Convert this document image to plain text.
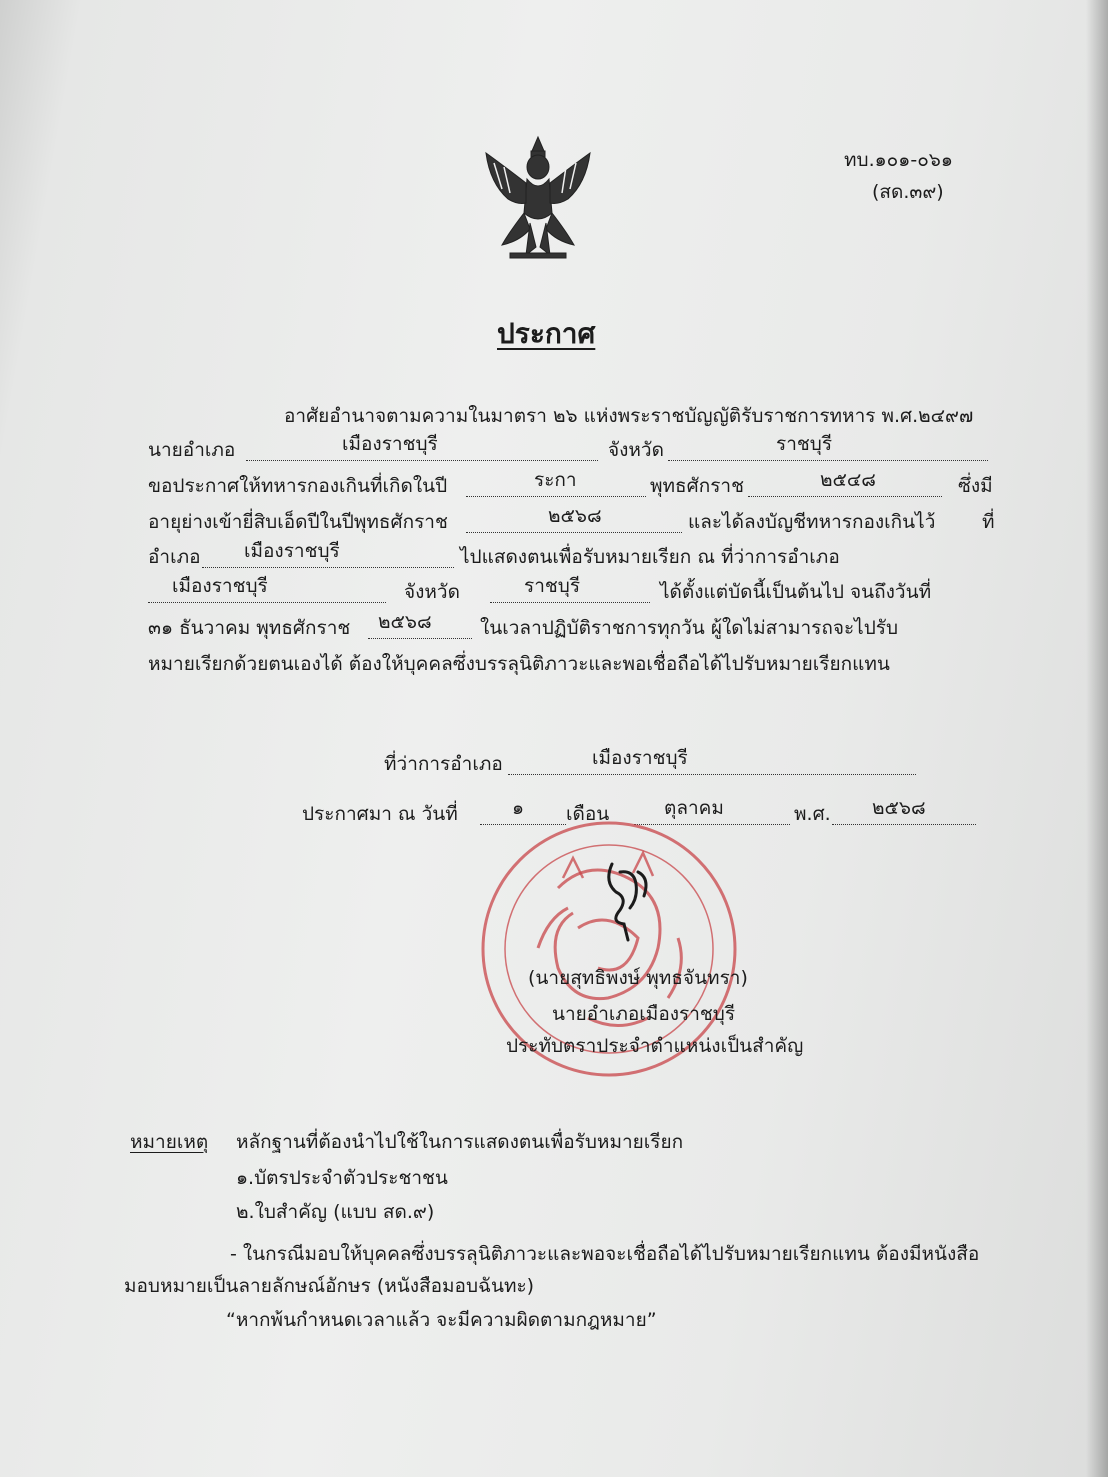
ทบ.๑๐๑-๐๖๑
(สด.๓๙)
ประกาศ
อาศัยอำนาจตามความในมาตรา ๒๖ แห่งพระราชบัญญัติรับราชการทหาร พ.ศ.๒๔๙๗
นายอำเภอ	เมืองราชบุรี	จังหวัด	ราชบุรี
ขอประกาศให้ทหารกองเกินที่เกิดในปี	ระกา	พุทธศักราช	๒๕๔๘	ซึ่งมี
อายุย่างเข้ายี่สิบเอ็ดปีในปีพุทธศักราช	๒๕๖๘	และได้ลงบัญชีทหารกองเกินไว้ ที่
อำเภอ เมืองราชบุรี	ไปแสดงตนเพื่อรับหมายเรียก ณ ที่ว่าการอำเภอ
เมืองราชบุรี	จังหวัด	ราชบุรี	ได้ตั้งแต่บัดนี้เป็นต้นไป จนถึงวันที่
๓๑ ธันวาคม พุทธศักราช ๒๕๖๘	ในเวลาปฏิบัติราชการทุกวัน ผู้ใดไม่สามารถจะไปรับ
หมายเรียกด้วยตนเองได้ ต้องให้บุคคลซึ่งบรรลุนิติภาวะและพอเชื่อถือได้ไปรับหมายเรียกแทน
ที่ว่าการอำเภอ	เมืองราชบุรี
ประกาศมา ณ วันที่	๑ เดือน	ตุลาคม	พ.ศ. ๒๕๖๘
(นายสุทธิพงษ์ พุทธจันทรา)
นายอำเภอเมืองราชบุรี
ประทับตราประจำตำแหน่งเป็นสำคัญ
หมายเหตุ หลักฐานที่ต้องนำไปใช้ในการแสดงตนเพื่อรับหมายเรียก
๑.บัตรประจำตัวประชาชน
๒.ใบสำคัญ (แบบ สด.๙)
- ในกรณีมอบให้บุคคลซึ่งบรรลุนิติภาวะและพอจะเชื่อถือได้ไปรับหมายเรียกแทน ต้องมีหนังสือ
มอบหมายเป็นลายลักษณ์อักษร (หนังสือมอบฉันทะ)
“หากพ้นกำหนดเวลาแล้ว จะมีความผิดตามกฎหมาย”
